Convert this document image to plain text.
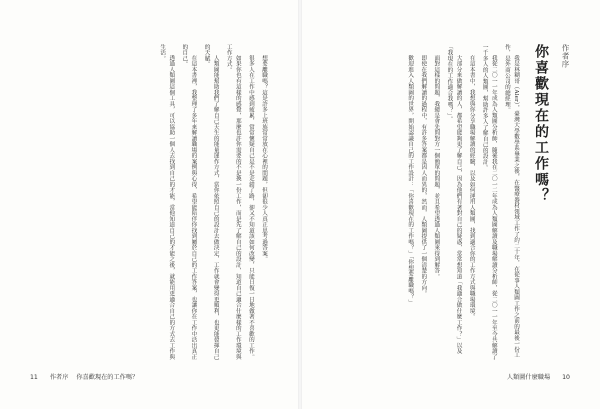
作者序
你喜歡現在的工作嗎？

我是林糊哥（Aler），臺灣大學數學系畢業之後，在醫療器材領域工作了約二十年，在從事人類圖工作之前的最後一份工作，是外商公司的總經理。

我從二〇一一年成為人類圖分析師，隨後我在二〇一二年成為人類圖解讀及職場解讀分析師，從二〇一一年至今共解讀了一千多人的人類圖，幫助許多人了解自己的設計。

在這本書中，我想與你分享職場解讀的經驗，以及如何運用人類圖，找到適合你的工作方式與職場環境。

大部分來做解讀的人，都希望能夠更了解自己，因為他們有著對自己的疑惑，常常想知道「我適合做什麼工作？」以及「我現在的工作適合我嗎？」。

面對這樣的問題，我總是會先問對方一個簡單的問題，並且希望透過人類圖來得到解答。

即使在我們解讀的過程中，有許多答案都是因人而異的，然而，人類圖提供了一個清楚的方向。

歡迎進入人類圖的世界，開始認識自己的工作設計：「你喜歡現在的工作嗎？」「你想要離職嗎？」

想要離職嗎？這是許多上班族常常放在心裡的問題，但卻很少人真正思考過答案。

很多人在工作中感到疲累，常常懷疑自己是不是走錯了路，卻又不知道該如何改變，只能日復一日地做著不喜歡的工作。

如果你也有這樣的感覺，那麼也許你需要的不是換一份工作，而是先了解自己的設計，知道自己適合什麼樣的工作環境與工作方式。

人類圖能幫助我們了解自己天生的能量運作方式，當你依照自己的設計去做決定，工作就會變得更順利，也更能發揮自己的天賦。

在這本書裡，我整理了多年來解讀職場的案例與心得，希望能陪伴你找到屬於自己的工作答案，也讓你在工作中活出真正的自己。

透過人類圖這個工具，可以協助一個人去找到自己的才能，當他知道自己的才能之後，就能用更適合自己的方式去工作與生活。

11 作者序 你喜歡現在的工作嗎？	人類圖什麼職場 10
